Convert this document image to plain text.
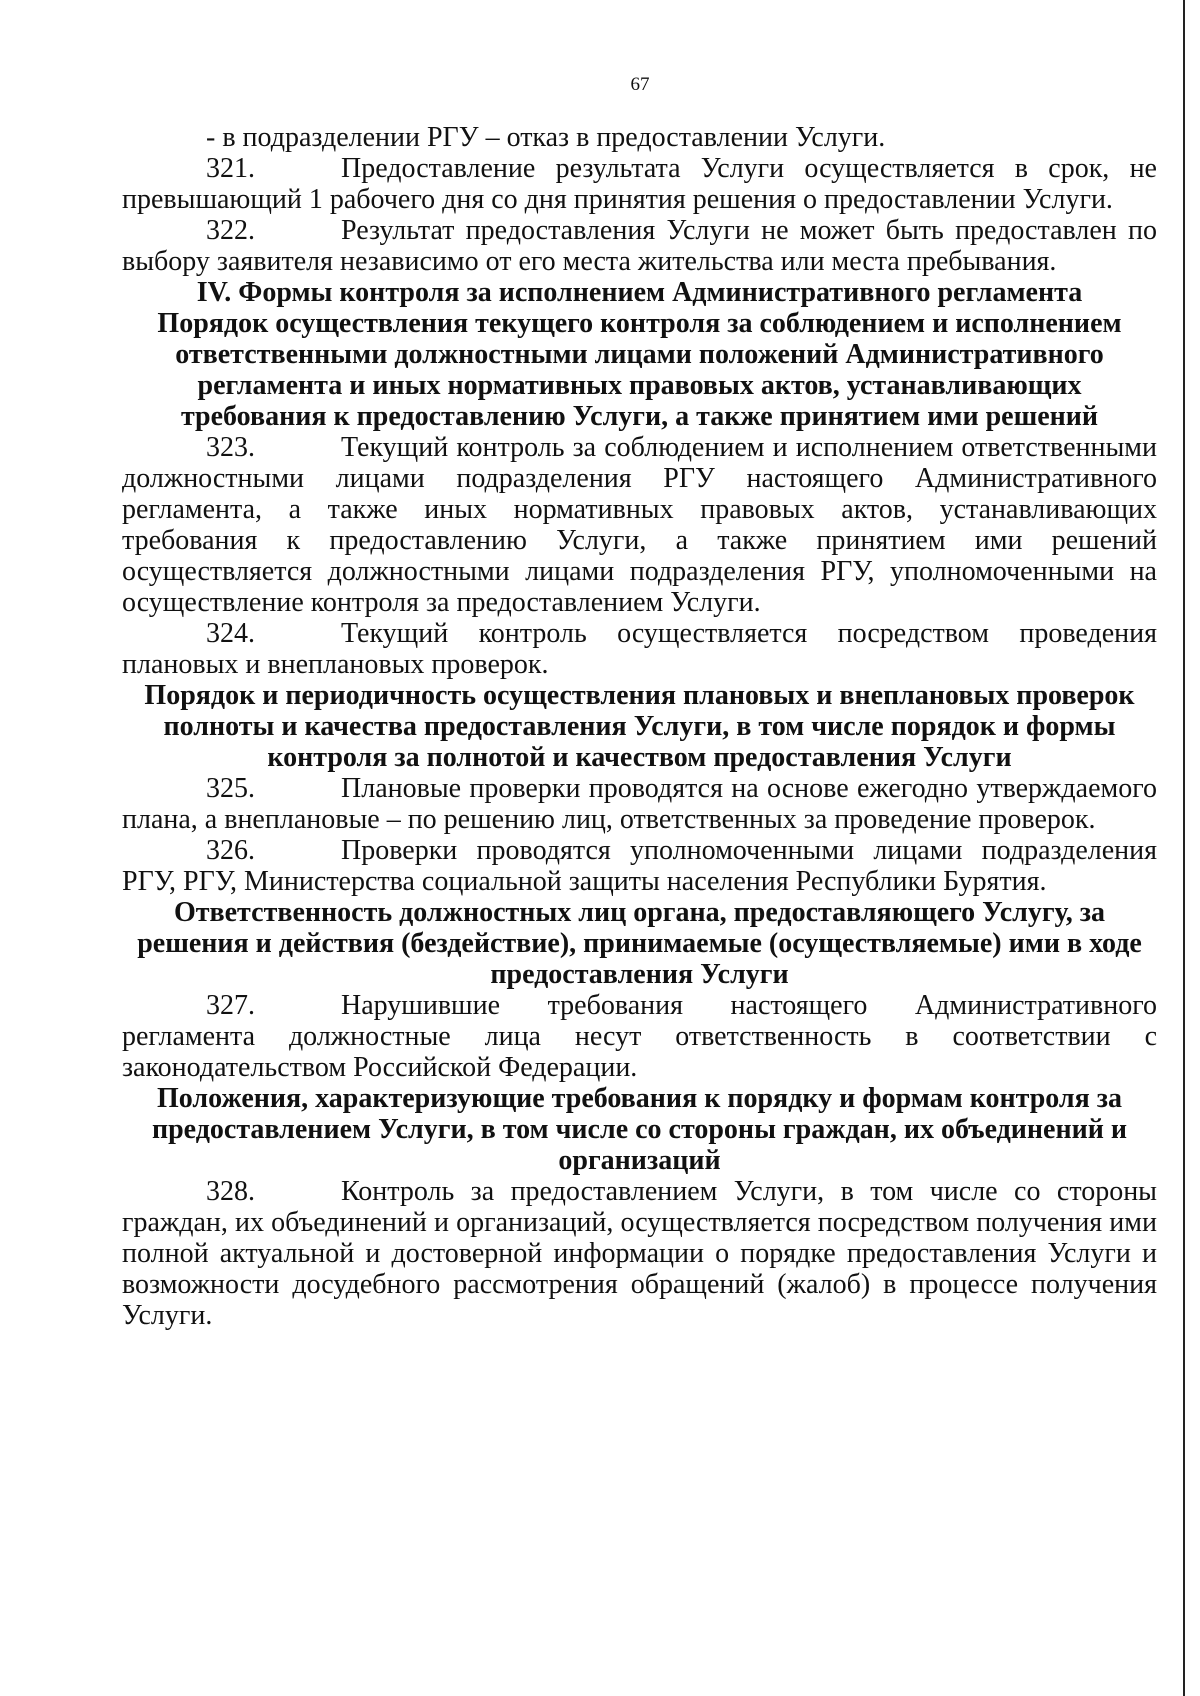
67

- в подразделении РГУ – отказ в предоставлении Услуги.

321.	Предоставление результата Услуги осуществляется в срок, не превышающий 1 рабочего дня со дня принятия решения о предоставлении Услуги.

322.	Результат предоставления Услуги не может быть предоставлен по выбору заявителя независимо от его места жительства или места пребывания.

IV. Формы контроля за исполнением Административного регламента
Порядок осуществления текущего контроля за соблюдением и исполнением ответственными должностными лицами положений Административного регламента и иных нормативных правовых актов, устанавливающих требования к предоставлению Услуги, а также принятием ими решений

323.	Текущий контроль за соблюдением и исполнением ответственными должностными лицами подразделения РГУ настоящего Административного регламента, а также иных нормативных правовых актов, устанавливающих требования к предоставлению Услуги, а также принятием ими решений осуществляется должностными лицами подразделения РГУ, уполномоченными на осуществление контроля за предоставлением Услуги.

324.	Текущий контроль осуществляется посредством проведения плановых и внеплановых проверок.

Порядок и периодичность осуществления плановых и внеплановых проверок полноты и качества предоставления Услуги, в том числе порядок и формы контроля за полнотой и качеством предоставления Услуги

325.	Плановые проверки проводятся на основе ежегодно утверждаемого плана, а внеплановые – по решению лиц, ответственных за проведение проверок.

326.	Проверки проводятся уполномоченными лицами подразделения РГУ, РГУ, Министерства социальной защиты населения Республики Бурятия.

Ответственность должностных лиц органа, предоставляющего Услугу, за решения и действия (бездействие), принимаемые (осуществляемые) ими в ходе предоставления Услуги

327.	Нарушившие требования настоящего Административного регламента должностные лица несут ответственность в соответствии с законодательством Российской Федерации.

Положения, характеризующие требования к порядку и формам контроля за предоставлением Услуги, в том числе со стороны граждан, их объединений и организаций

328.	Контроль за предоставлением Услуги, в том числе со стороны граждан, их объединений и организаций, осуществляется посредством получения ими полной актуальной и достоверной информации о порядке предоставления Услуги и возможности досудебного рассмотрения обращений (жалоб) в процессе получения Услуги.
